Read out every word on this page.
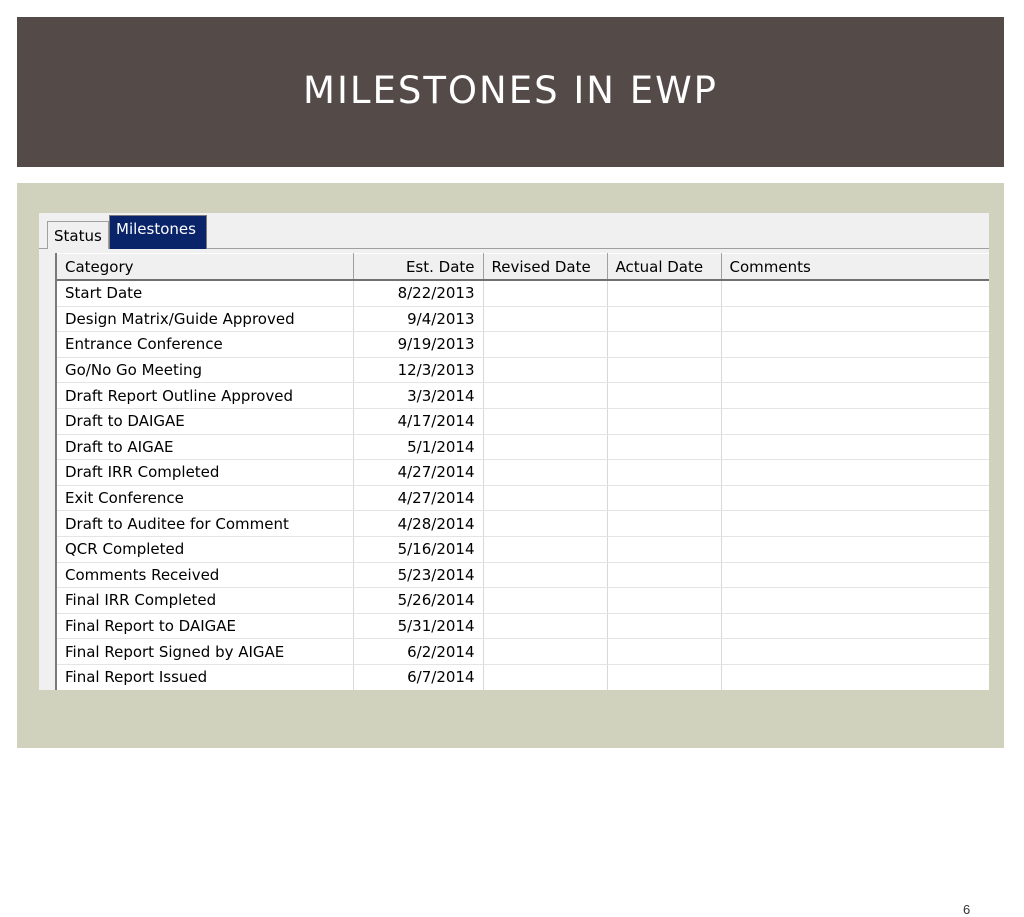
MILESTONES IN EWP
Status Milestones
Category	Est. Date	Revised Date	Actual Date	Comments
Start Date	8/22/2013			
Design Matrix/Guide Approved	9/4/2013			
Entrance Conference	9/19/2013			
Go/No Go Meeting	12/3/2013			
Draft Report Outline Approved	3/3/2014			
Draft to DAIGAE	4/17/2014			
Draft to AIGAE	5/1/2014			
Draft IRR Completed	4/27/2014			
Exit Conference	4/27/2014			
Draft to Auditee for Comment	4/28/2014			
QCR Completed	5/16/2014			
Comments Received	5/23/2014			
Final IRR Completed	5/26/2014			
Final Report to DAIGAE	5/31/2014			
Final Report Signed by AIGAE	6/2/2014			
Final Report Issued	6/7/2014			
6
